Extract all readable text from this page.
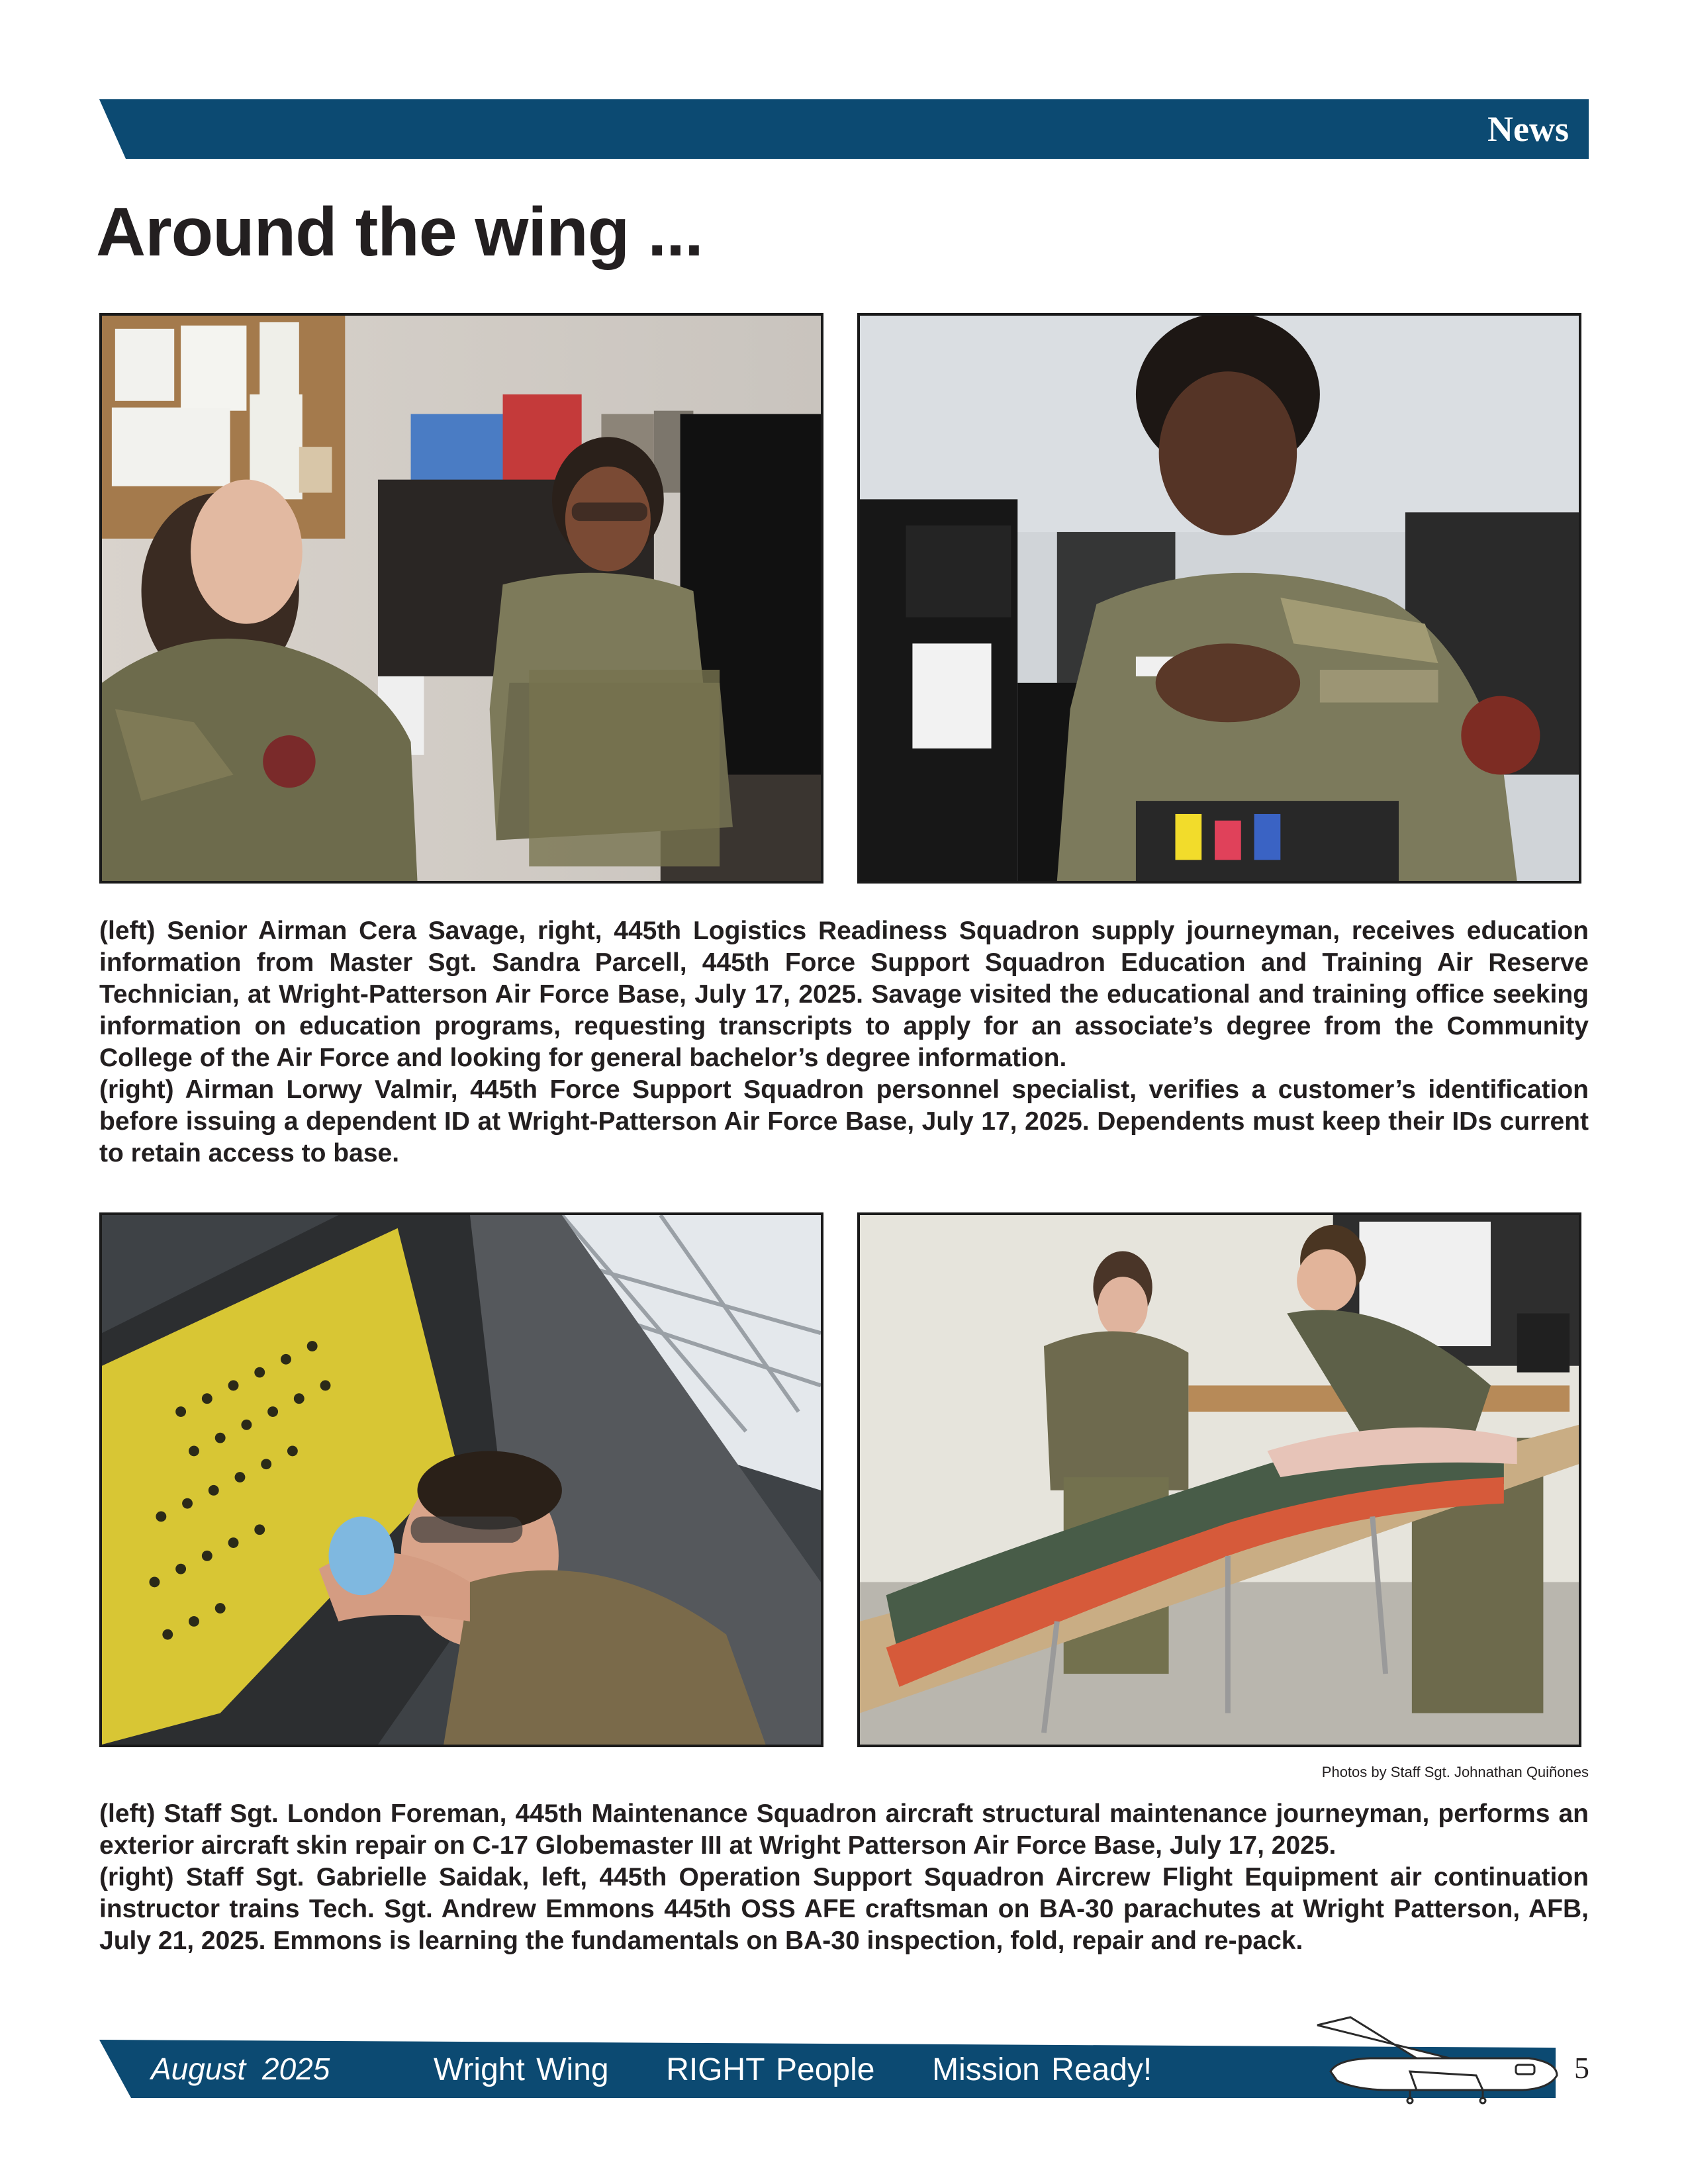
News
Around the wing ...

(left) Senior Airman Cera Savage, right, 445th Logistics Readiness Squadron supply journeyman, receives education information from Master Sgt. Sandra Parcell, 445th Force Support Squadron Education and Training Air Reserve Technician, at Wright-Patterson Air Force Base, July 17, 2025. Savage visited the educational and training office seeking information on education programs, requesting transcripts to apply for an associate’s degree from the Community College of the Air Force and looking for general bachelor’s degree information.

(right) Airman Lorwy Valmir, 445th Force Support Squadron personnel specialist, verifies a customer’s identification before issuing a dependent ID at Wright-Patterson Air Force Base, July 17, 2025. Dependents must keep their IDs current to retain access to base.

Photos by Staff Sgt. Johnathan Quiñones

(left) Staff Sgt. London Foreman, 445th Maintenance Squadron aircraft structural maintenance journeyman, performs an exterior aircraft skin repair on C-17 Globemaster III at Wright Patterson Air Force Base, July 17, 2025.

(right) Staff Sgt. Gabrielle Saidak, left, 445th Operation Support Squadron Aircrew Flight Equipment air continuation instructor trains Tech. Sgt. Andrew Emmons 445th OSS AFE craftsman on BA-30 parachutes at Wright Patterson, AFB, July 21, 2025. Emmons is learning the fundamentals on BA-30 inspection, fold, repair and re-pack.

August 2025	Wright Wing     RIGHT People     Mission Ready!	5
